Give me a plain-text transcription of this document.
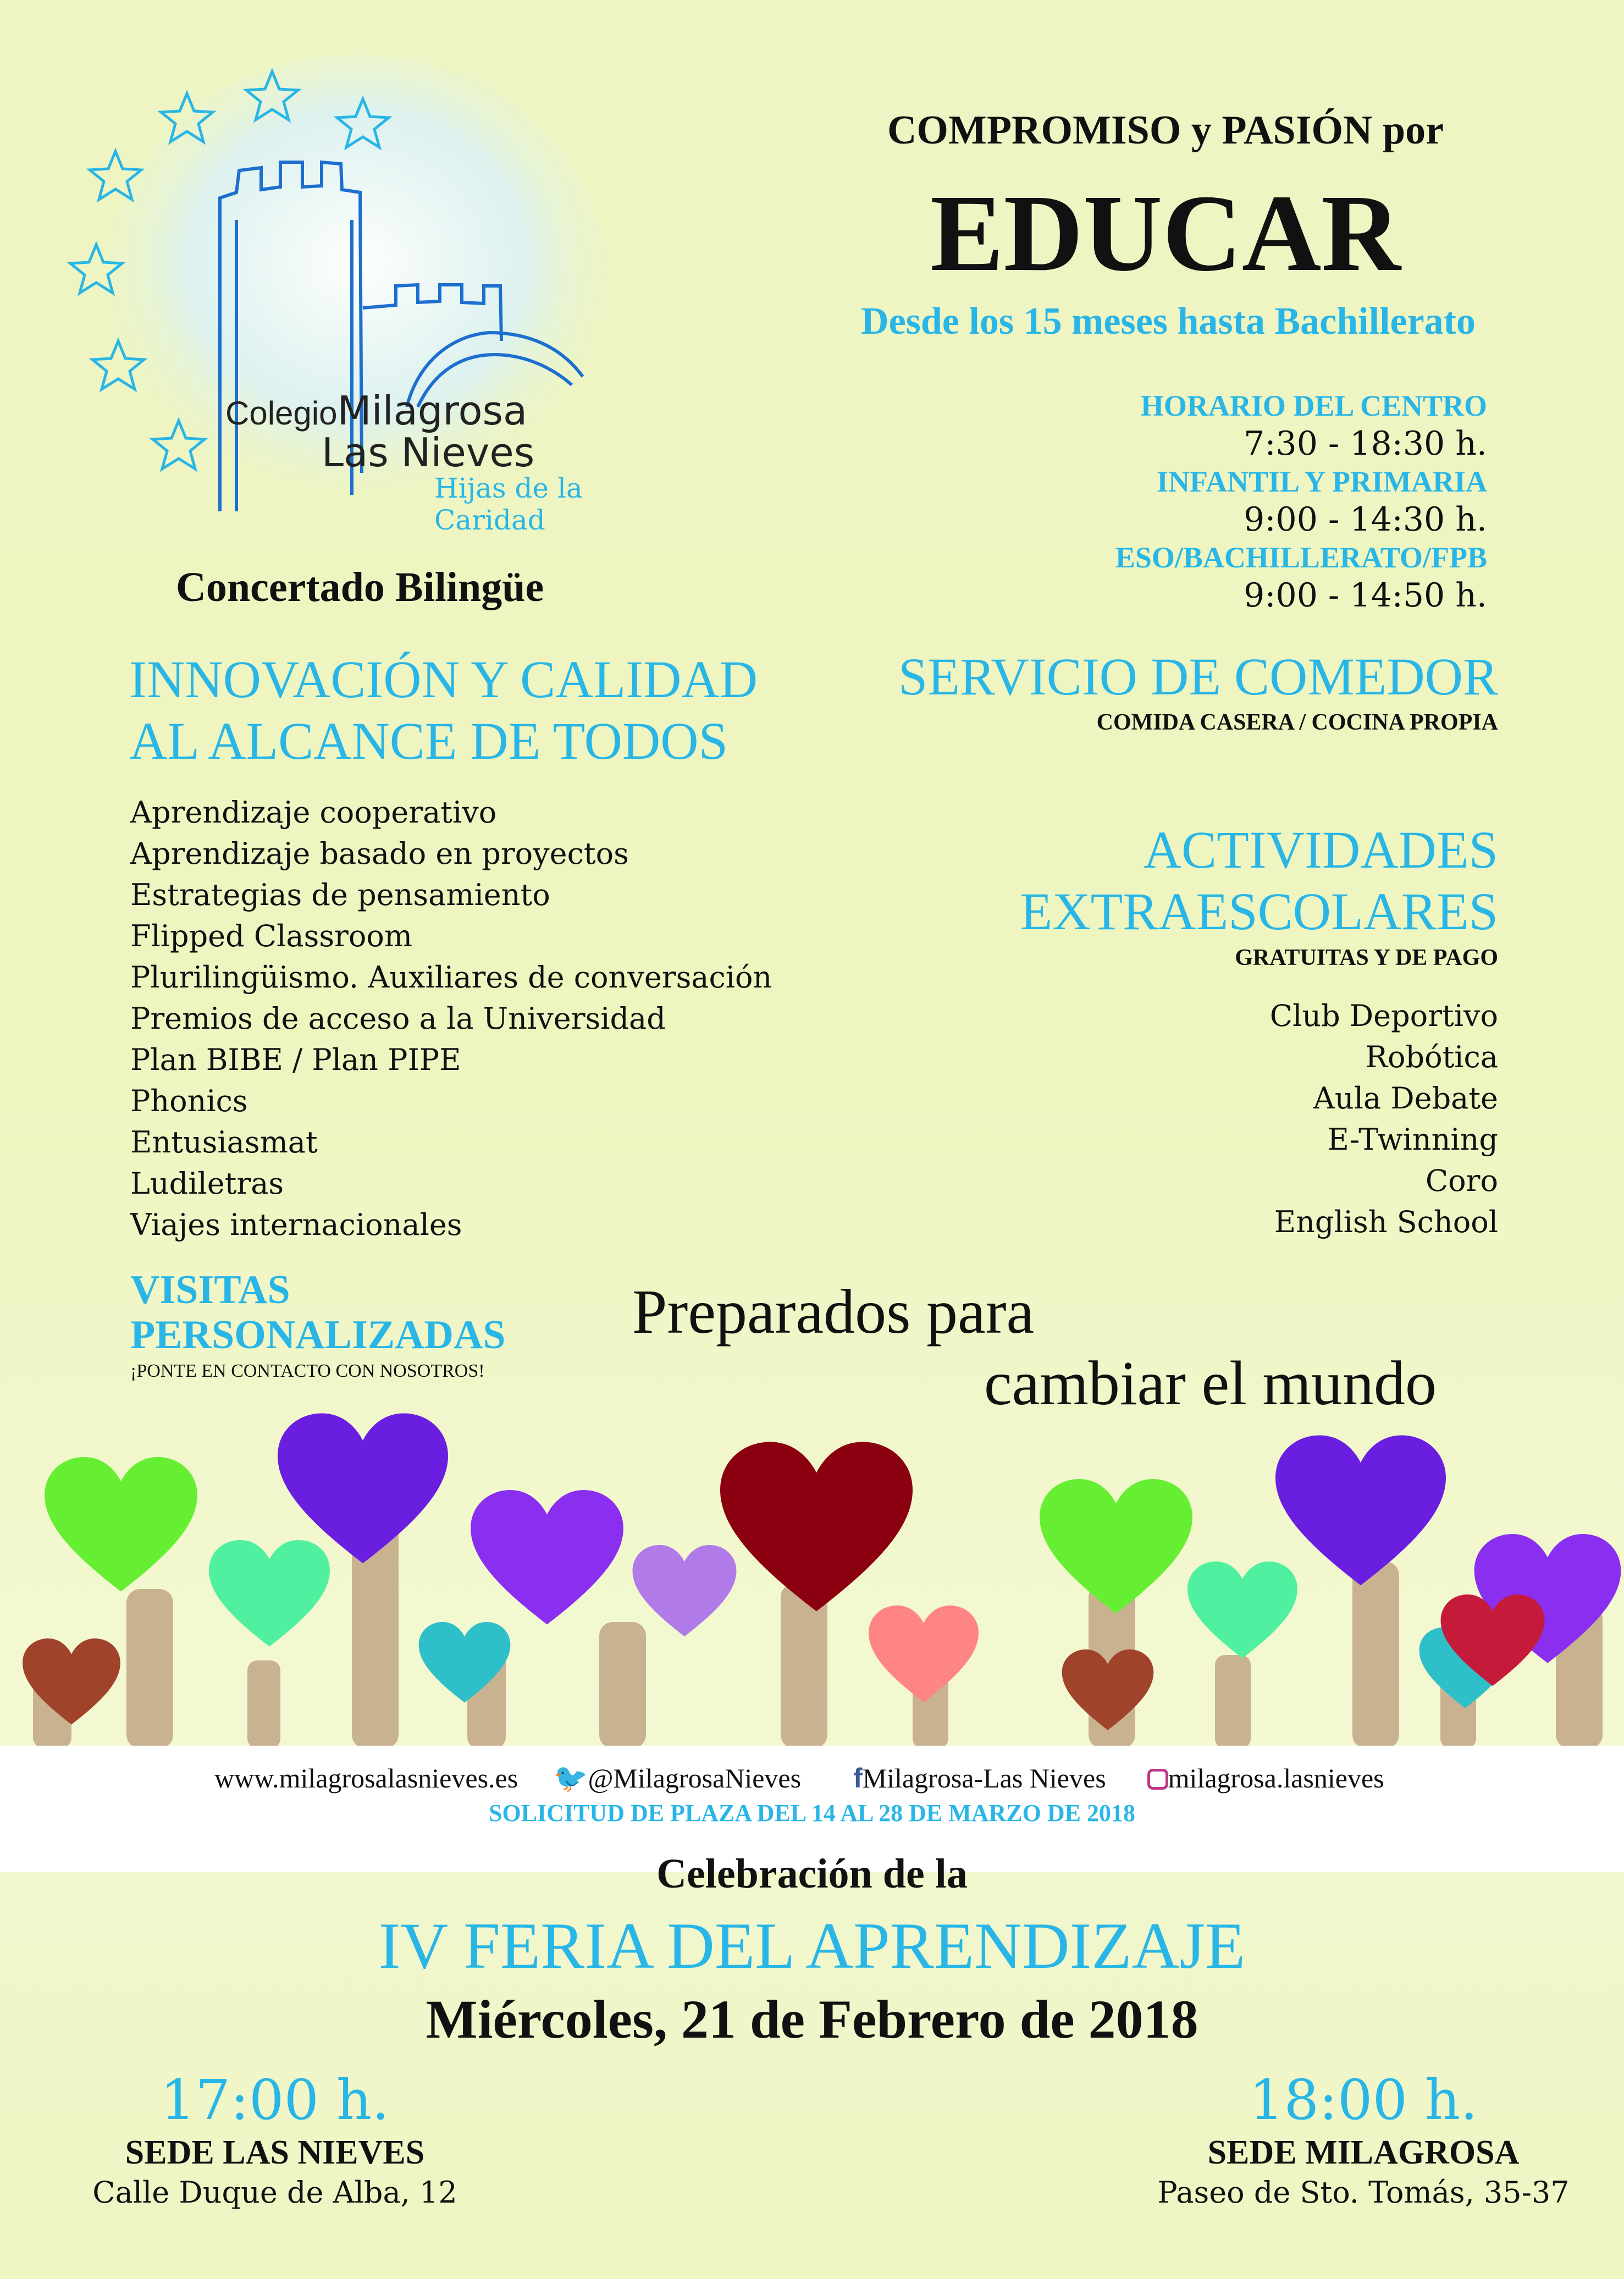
ColegioMilagrosa
Las Nieves
Hijas de la Caridad
Concertado Bilingüe
COMPROMISO y PASIÓN por
EDUCAR
Desde los 15 meses hasta Bachillerato
HORARIO DEL CENTRO
7:30 - 18:30 h.
INFANTIL Y PRIMARIA
9:00 - 14:30 h.
ESO/BACHILLERATO/FPB
9:00 - 14:50 h.
INNOVACIÓN Y CALIDAD
AL ALCANCE DE TODOS
Aprendizaje cooperativo
Aprendizaje basado en proyectos
Estrategias de pensamiento
Flipped Classroom
Plurilingüismo. Auxiliares de conversación
Premios de acceso a la Universidad
Plan BIBE / Plan PIPE
Phonics
Entusiasmat
Ludiletras
Viajes internacionales
SERVICIO DE COMEDOR
COMIDA CASERA / COCINA PROPIA
ACTIVIDADES
EXTRAESCOLARES
GRATUITAS Y DE PAGO
Club Deportivo
Robótica
Aula Debate
E-Twinning
Coro
English School
VISITAS
PERSONALIZADAS
¡PONTE EN CONTACTO CON NOSOTROS!
Preparados para
cambiar el mundo
www.milagrosalasnieves.es 🐦@MilagrosaNieves fMilagrosa-Las Nieves milagrosa.lasnieves
SOLICITUD DE PLAZA DEL 14 AL 28 DE MARZO DE 2018
Celebración de la
IV FERIA DEL APRENDIZAJE
Miércoles, 21 de Febrero de 2018
17:00 h.
SEDE LAS NIEVES
Calle Duque de Alba, 12
18:00 h.
SEDE MILAGROSA
Paseo de Sto. Tomás, 35-37
